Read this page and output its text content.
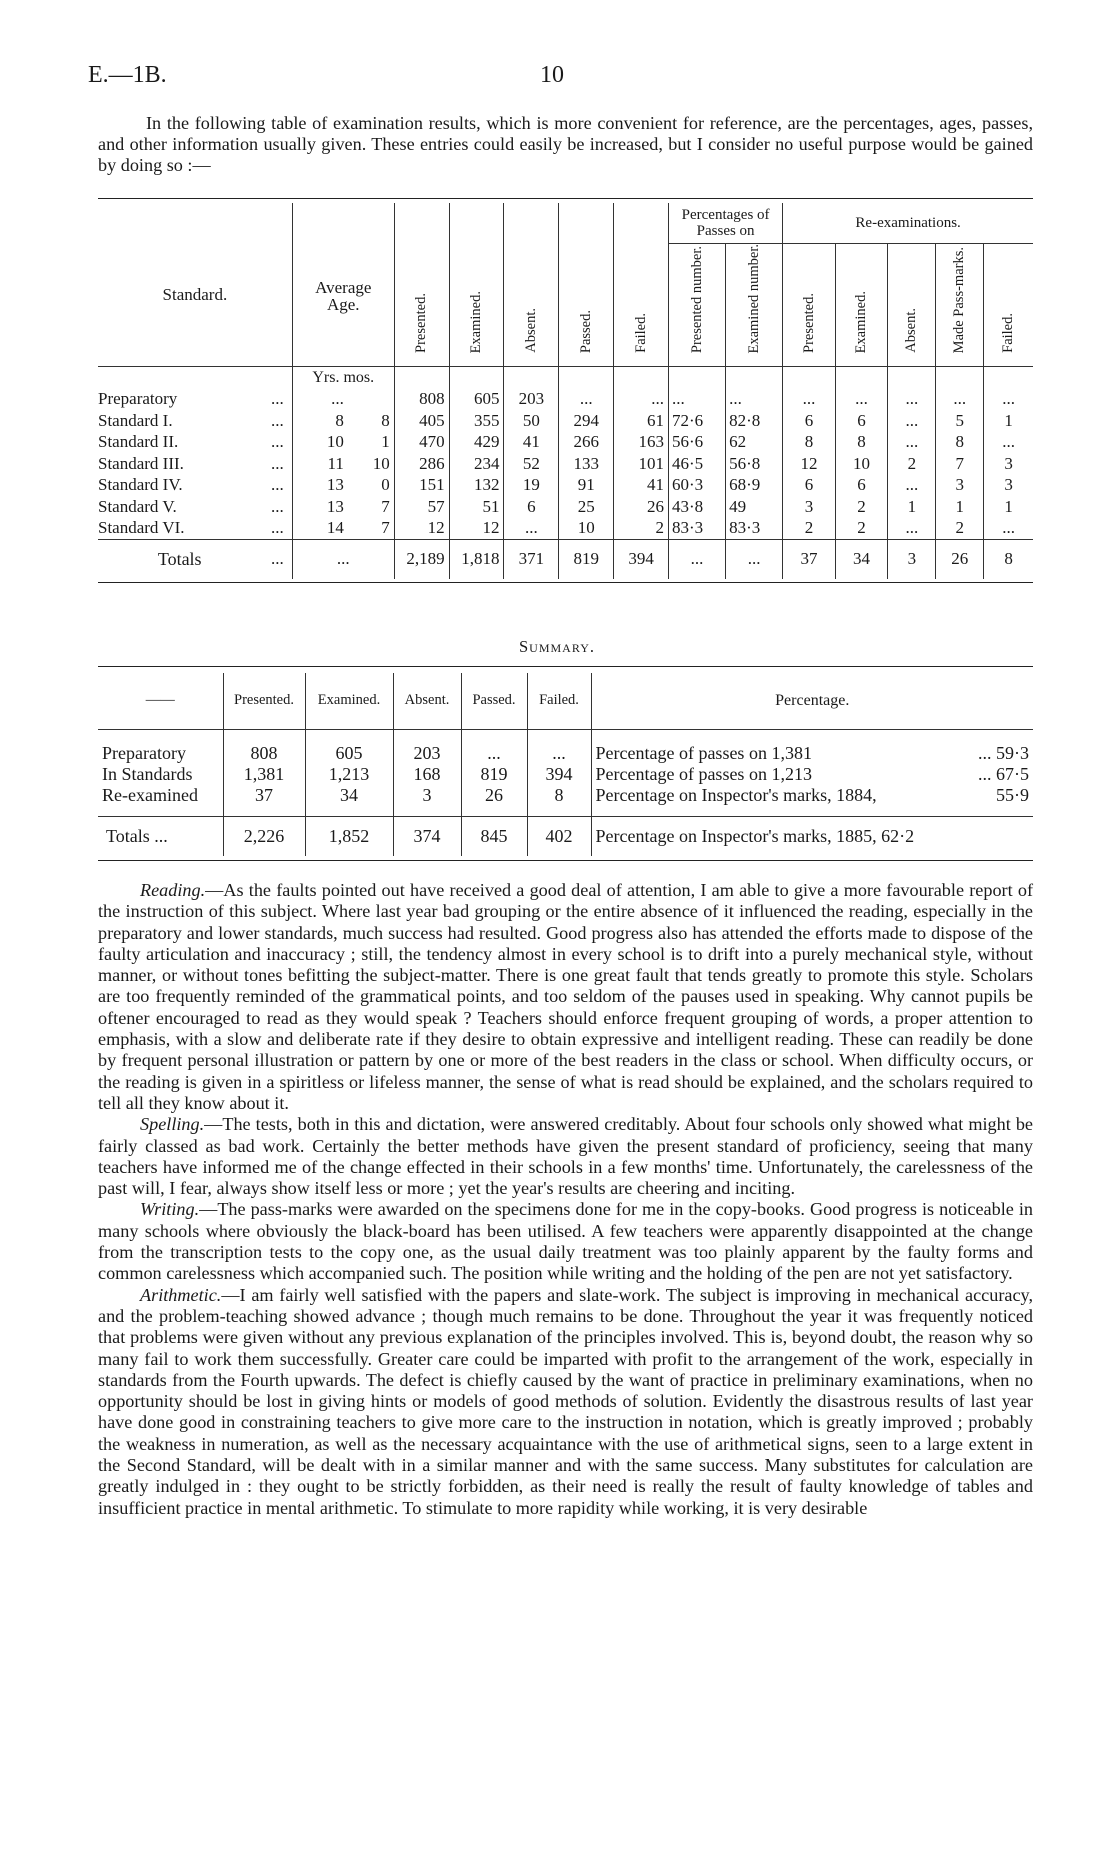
E.—1B.	10
In the following table of examination results, which is more convenient for reference, are the percentages, ages, passes, and other information usually given. These entries could easily be increased, but I consider no useful purpose would be gained by doing so :—
Standard.		Average Age.		Presented.	Examined.	Absent.	Passed.	Failed.	Percentages of Passes on		Re-examinations.				
									Presented number.	Examined number.	Presented.	Examined.	Absent.	Made Pass-marks.	Failed.
		Yrs. mos.													
Preparatory	...	...		808	605	203	...	...	...	...	...	...	...	...	...
Standard I.	...	8	8	405	355	50	294	61	72·6	82·8	6	6	...	5	1
Standard II.	...	10	1	470	429	41	266	163	56·6	62	8	8	...	8	...
Standard III.	...	11	10	286	234	52	133	101	46·5	56·8	12	10	2	7	3
Standard IV.	...	13	0	151	132	19	91	41	60·3	68·9	6	6	...	3	3
Standard V.	...	13	7	57	51	6	25	26	43·8	49	3	2	1	1	1
Standard VI.	...	14	7	12	12	...	10	2	83·3	83·3	2	2	...	2	...
Totals	...	...		2,189	1,818	371	819	394	...	...	37	34	3	26	8
Summary.
——	Presented.	Examined.	Absent.	Passed.	Failed.	Percentage.

Preparatory	808	605	203	...	...	Percentage of passes on 1,381 ... 59·3

In Standards	1,381	1,213	168	819	394	Percentage of passes on 1,213 ... 67·5

Re-examined	37	34	3	26	8	Percentage on Inspector's marks, 1884, 55·9

Totals ...	2,226	1,852	374	845	402	Percentage on Inspector's marks, 1885, 62·2

Reading.—As the faults pointed out have received a good deal of attention, I am able to give a more favourable report of the instruction of this subject. Where last year bad grouping or the entire absence of it influenced the reading, especially in the preparatory and lower standards, much success had resulted. Good progress also has attended the efforts made to dispose of the faulty articulation and inaccuracy ; still, the tendency almost in every school is to drift into a purely mechanical style, without manner, or without tones befitting the subject-matter. There is one great fault that tends greatly to promote this style. Scholars are too frequently reminded of the grammatical points, and too seldom of the pauses used in speaking. Why cannot pupils be oftener encouraged to read as they would speak ? Teachers should enforce frequent grouping of words, a proper attention to emphasis, with a slow and deliberate rate if they desire to obtain expressive and intelligent reading. These can readily be done by frequent personal illustration or pattern by one or more of the best readers in the class or school. When difficulty occurs, or the reading is given in a spiritless or lifeless manner, the sense of what is read should be explained, and the scholars required to tell all they know about it.

Spelling.—The tests, both in this and dictation, were answered creditably. About four schools only showed what might be fairly classed as bad work. Certainly the better methods have given the present standard of proficiency, seeing that many teachers have informed me of the change effected in their schools in a few months' time. Unfortunately, the carelessness of the past will, I fear, always show itself less or more ; yet the year's results are cheering and inciting.

Writing.—The pass-marks were awarded on the specimens done for me in the copy-books. Good progress is noticeable in many schools where obviously the black-board has been utilised. A few teachers were apparently disappointed at the change from the transcription tests to the copy one, as the usual daily treatment was too plainly apparent by the faulty forms and common carelessness which accompanied such. The position while writing and the holding of the pen are not yet satisfactory.

Arithmetic.—I am fairly well satisfied with the papers and slate-work. The subject is improving in mechanical accuracy, and the problem-teaching showed advance ; though much remains to be done. Throughout the year it was frequently noticed that problems were given without any previous explanation of the principles involved. This is, beyond doubt, the reason why so many fail to work them successfully. Greater care could be imparted with profit to the arrangement of the work, especially in standards from the Fourth upwards. The defect is chiefly caused by the want of practice in preliminary examinations, when no opportunity should be lost in giving hints or models of good methods of solution. Evidently the disastrous results of last year have done good in constraining teachers to give more care to the instruction in notation, which is greatly improved ; probably the weakness in numeration, as well as the necessary acquaintance with the use of arithmetical signs, seen to a large extent in the Second Standard, will be dealt with in a similar manner and with the same success. Many substitutes for calculation are greatly indulged in : they ought to be strictly forbidden, as their need is really the result of faulty knowledge of tables and insufficient practice in mental arithmetic. To stimulate to more rapidity while working, it is very desirable
